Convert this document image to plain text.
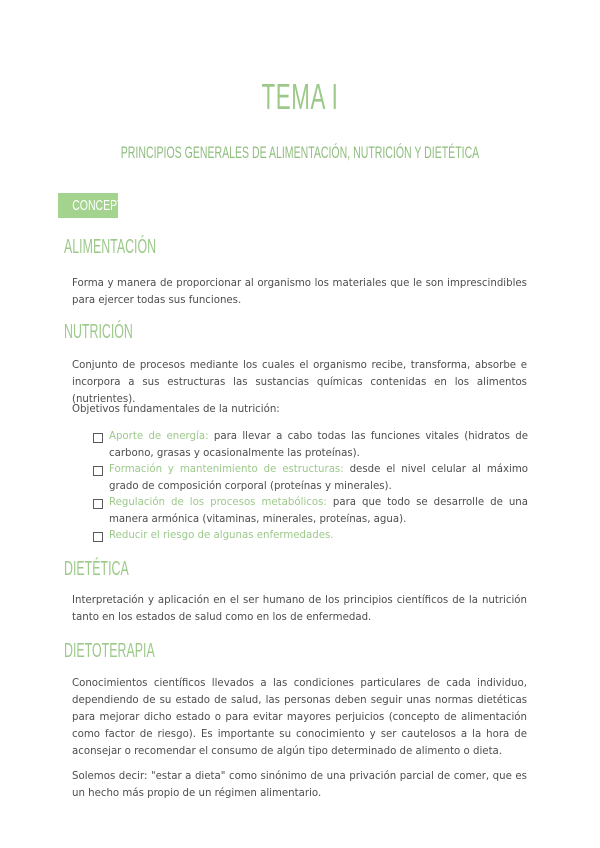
TEMA I
PRINCIPIOS GENERALES DE ALIMENTACIÓN, NUTRICIÓN Y DIETÉTICA
CONCEPTOS
ALIMENTACIÓN
Forma y manera de proporcionar al organismo los materiales que le son imprescindibles para ejercer todas sus funciones.
NUTRICIÓN
Conjunto de procesos mediante los cuales el organismo recibe, transforma, absorbe e incorpora a sus estructuras las sustancias químicas contenidas en los alimentos (nutrientes).
Objetivos fundamentales de la nutrición:
Aporte de energía: para llevar a cabo todas las funciones vitales (hidratos de carbono, grasas y ocasionalmente las proteínas).
Formación y mantenimiento de estructuras: desde el nivel celular al máximo grado de composición corporal (proteínas y minerales).
Regulación de los procesos metabólicos: para que todo se desarrolle de una manera armónica (vitaminas, minerales, proteínas, agua).
Reducir el riesgo de algunas enfermedades.
DIETÉTICA
Interpretación y aplicación en el ser humano de los principios científicos de la nutrición tanto en los estados de salud como en los de enfermedad.
DIETOTERAPIA
Conocimientos científicos llevados a las condiciones particulares de cada individuo, dependiendo de su estado de salud, las personas deben seguir unas normas dietéticas para mejorar dicho estado o para evitar mayores perjuicios (concepto de alimentación como factor de riesgo). Es importante su conocimiento y ser cautelosos a la hora de aconsejar o recomendar el consumo de algún tipo determinado de alimento o dieta.
Solemos decir: "estar a dieta" como sinónimo de una privación parcial de comer, que es un hecho más propio de un régimen alimentario.
